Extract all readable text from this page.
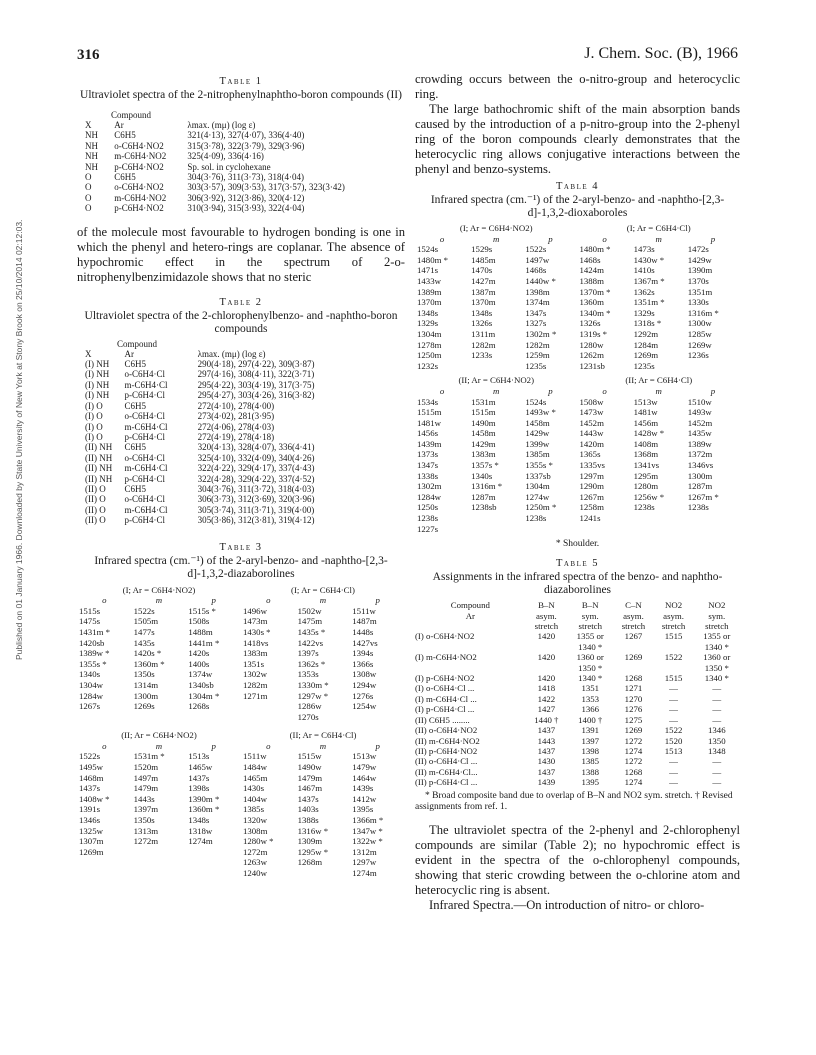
Published on 01 January 1966. Downloaded by State University of New York at Stony Brook on 25/10/2014 02:12:03.
316	J. Chem. Soc. (B), 1966
Table 1
Ultraviolet spectra of the 2-nitrophenylnaphtho-boron compounds (II)
Compound
X	Ar	λmax. (mμ) (log ε)
NH	C6H5	321(4·13), 327(4·07), 336(4·40)
NH	o-C6H4·NO2	315(3·78), 322(3·79), 329(3·96)
NH	m-C6H4·NO2	325(4·09), 336(4·16)
NH	p-C6H4·NO2	Sp. sol. in cyclohexane
O	C6H5	304(3·76), 311(3·73), 318(4·04)
O	o-C6H4·NO2	303(3·57), 309(3·53), 317(3·57), 323(3·42)
O	m-C6H4·NO2	306(3·92), 312(3·86), 320(4·12)
O	p-C6H4·NO2	310(3·94), 315(3·93), 322(4·04)
of the molecule most favourable to hydrogen bonding is one in which the phenyl and hetero-rings are coplanar. The absence of hypochromic effect in the spectrum of 2-o-nitrophenylbenzimidazole shows that no steric
Table 2
Ultraviolet spectra of the 2-chlorophenylbenzo- and -naphtho-boron compounds
Compound
X	Ar	λmax. (mμ) (log ε)
(I) NH	C6H5	290(4·18), 297(4·22), 309(3·87)
(I) NH	o-C6H4·Cl	297(4·16), 308(4·11), 322(3·71)
(I) NH	m-C6H4·Cl	295(4·22), 303(4·19), 317(3·75)
(I) NH	p-C6H4·Cl	295(4·27), 303(4·26), 316(3·82)
(I) O	C6H5	272(4·10), 278(4·00)
(I) O	o-C6H4·Cl	273(4·02), 281(3·95)
(I) O	m-C6H4·Cl	272(4·06), 278(4·03)
(I) O	p-C6H4·Cl	272(4·19), 278(4·18)
(II) NH	C6H5	320(4·13), 328(4·07), 336(4·41)
(II) NH	o-C6H4·Cl	325(4·10), 332(4·09), 340(4·26)
(II) NH	m-C6H4·Cl	322(4·22), 329(4·17), 337(4·43)
(II) NH	p-C6H4·Cl	322(4·28), 329(4·22), 337(4·52)
(II) O	C6H5	304(3·76), 311(3·72), 318(4·03)
(II) O	o-C6H4·Cl	306(3·73), 312(3·69), 320(3·96)
(II) O	m-C6H4·Cl	305(3·74), 311(3·71), 319(4·00)
(II) O	p-C6H4·Cl	305(3·86), 312(3·81), 319(4·12)
Table 3
Infrared spectra (cm.⁻¹) of the 2-aryl-benzo- and -naphtho-[2,3-d]-1,3,2-diazaborolines
(I; Ar = C6H4·NO2)			(I; Ar = C6H4·Cl)		
o	m	p	o	m	p
1515s	1522s	1515s *	1496w	1502w	1511w
1475s	1505m	1508s	1473m	1475m	1487m
1431m *	1477s	1488m	1430s *	1435s *	1448s
1420sb	1435s	1441m *	1418vs	1422vs	1427vs
1389w *	1420s *	1420s	1383m	1397s	1394s
1355s *	1360m *	1400s	1351s	1362s *	1366s
1340s	1350s	1374w	1302w	1353s	1308w
1304w	1314m	1340sb	1282m	1330m *	1294w
1284w	1300m	1304m *	1271m	1297w *	1276s
1267s	1269s	1268s		1286w	1254w
				1270s	
(II; Ar = C6H4·NO2)			(II; Ar = C6H4·Cl)		
o	m	p	o	m	p
1522s	1531m *	1513s	1511w	1515w	1513w
1495w	1520m	1465w	1484w	1490w	1479w
1468m	1497m	1437s	1465m	1479m	1464w
1437s	1479m	1398s	1430s	1467m	1439s
1408w *	1443s	1390m *	1404w	1437s	1412w
1391s	1397m	1360m *	1385s	1403s	1395s
1346s	1350s	1348s	1320w	1388s	1366m *
1325w	1313m	1318w	1308m	1316w *	1347w *
1307m	1272m	1274m	1280w *	1309m	1322w *
1269m			1272m	1295w *	1312m
			1263w	1268m	1297w
			1240w		1274m
crowding occurs between the o-nitro-group and heterocyclic ring.
The large bathochromic shift of the main absorption bands caused by the introduction of a p-nitro-group into the 2-phenyl ring of the boron compounds clearly demonstrates that the heterocyclic ring allows conjugative interactions between the phenyl and benzo-systems.
Table 4
Infrared spectra (cm.⁻¹) of the 2-aryl-benzo- and -naphtho-[2,3-d]-1,3,2-dioxaboroles
(I; Ar = C6H4·NO2)			(I; Ar = C6H4·Cl)		
o	m	p	o	m	p
1524s	1529s	1522s	1480m *	1473s	1472s
1480m *	1485m	1497w	1468s	1430w *	1429w
1471s	1470s	1468s	1424m	1410s	1390m
1433w	1427m	1440w *	1388m	1367m *	1370s
1389m	1387m	1398m	1370m *	1362s	1351m
1370m	1370m	1374m	1360m	1351m *	1330s
1348s	1348s	1347s	1340m *	1329s	1316m *
1329s	1326s	1327s	1326s	1318s *	1300w
1304m	1311m	1302m *	1319s *	1292m	1285w
1278m	1282m	1282m	1280w	1284m	1269w
1250m	1233s	1259m	1262m	1269m	1236s
1232s		1235s	1231sb	1235s	
(II; Ar = C6H4·NO2)			(II; Ar = C6H4·Cl)		
o	m	p	o	m	p
1534s	1531m	1524s	1508w	1513w	1510w
1515m	1515m	1493w *	1473w	1481w	1493w
1481w	1490m	1458m	1452m	1456m	1452m
1456s	1458m	1429w	1443w	1428w *	1435w
1439m	1429m	1399w	1420m	1408m	1389w
1373s	1383m	1385m	1365s	1368m	1372m
1347s	1357s *	1355s *	1335vs	1341vs	1346vs
1338s	1340s	1337sb	1297m	1295m	1300m
1302m	1316m *	1304m	1290m	1280m	1287m
1284w	1287m	1274w	1267m	1256w *	1267m *
1250s	1238sb	1250m *	1258m	1238s	1238s
1238s		1238s	1241s		
1227s					
* Shoulder.
Table 5
Assignments in the infrared spectra of the benzo- and naphtho-diazaborolines
Compound	B–N	B–N	C–N	NO2	NO2
Ar	asym.	sym.	asym.	asym.	sym.
	stretch	stretch	stretch	stretch	stretch
(I) o-C6H4·NO2	1420	1355 or	1267	1515	1355 or
		1340 *			1340 *
(I) m-C6H4·NO2	1420	1360 or	1269	1522	1360 or
		1350 *			1350 *
(I) p-C6H4·NO2	1420	1340 *	1268	1515	1340 *
(I) o-C6H4·Cl ...	1418	1351	1271	—	—
(I) m-C6H4·Cl ...	1422	1353	1270	—	—
(I) p-C6H4·Cl ...	1427	1366	1276	—	—
(II) C6H5 ........	1440 †	1400 †	1275	—	—
(II) o-C6H4·NO2	1437	1391	1269	1522	1346
(II) m-C6H4·NO2	1443	1397	1272	1520	1350
(II) p-C6H4·NO2	1437	1398	1274	1513	1348
(II) o-C6H4·Cl ...	1430	1385	1272	—	—
(II) m-C6H4·Cl...	1437	1388	1268	—	—
(II) p-C6H4·Cl ...	1439	1395	1274	—	—
* Broad composite band due to overlap of B–N and NO2 sym. stretch. † Revised assignments from ref. 1.
The ultraviolet spectra of the 2-phenyl and 2-chlorophenyl compounds are similar (Table 2); no hypochromic effect is evident in the spectra of the o-chlorophenyl compounds, showing that steric crowding between the o-chlorine atom and heterocyclic ring is absent.
Infrared Spectra.—On introduction of nitro- or chloro-
